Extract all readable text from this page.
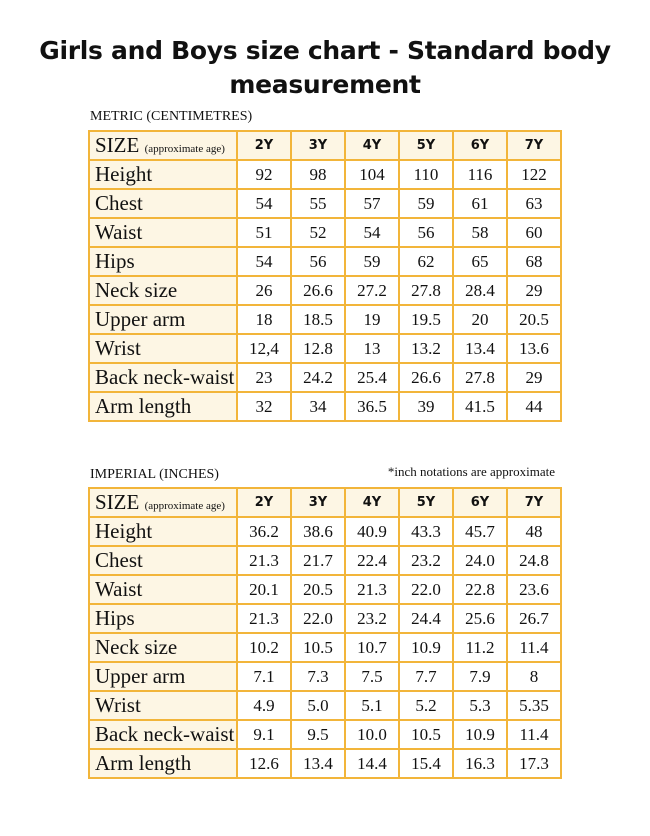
Girls and Boys size chart - Standard body
measurement
METRIC (CENTIMETRES)
SIZE (approximate age)	2Y	3Y	4Y	5Y	6Y	7Y
Height	92	98	104	110	116	122
Chest	54	55	57	59	61	63
Waist	51	52	54	56	58	60
Hips	54	56	59	62	65	68
Neck size	26	26.6	27.2	27.8	28.4	29
Upper arm	18	18.5	19	19.5	20	20.5
Wrist	12,4	12.8	13	13.2	13.4	13.6
Back neck-waist	23	24.2	25.4	26.6	27.8	29
Arm length	32	34	36.5	39	41.5	44
IMPERIAL (INCHES)	*inch notations are approximate
SIZE (approximate age)	2Y	3Y	4Y	5Y	6Y	7Y
Height	36.2	38.6	40.9	43.3	45.7	48
Chest	21.3	21.7	22.4	23.2	24.0	24.8
Waist	20.1	20.5	21.3	22.0	22.8	23.6
Hips	21.3	22.0	23.2	24.4	25.6	26.7
Neck size	10.2	10.5	10.7	10.9	11.2	11.4
Upper arm	7.1	7.3	7.5	7.7	7.9	8
Wrist	4.9	5.0	5.1	5.2	5.3	5.35
Back neck-waist	9.1	9.5	10.0	10.5	10.9	11.4
Arm length	12.6	13.4	14.4	15.4	16.3	17.3
